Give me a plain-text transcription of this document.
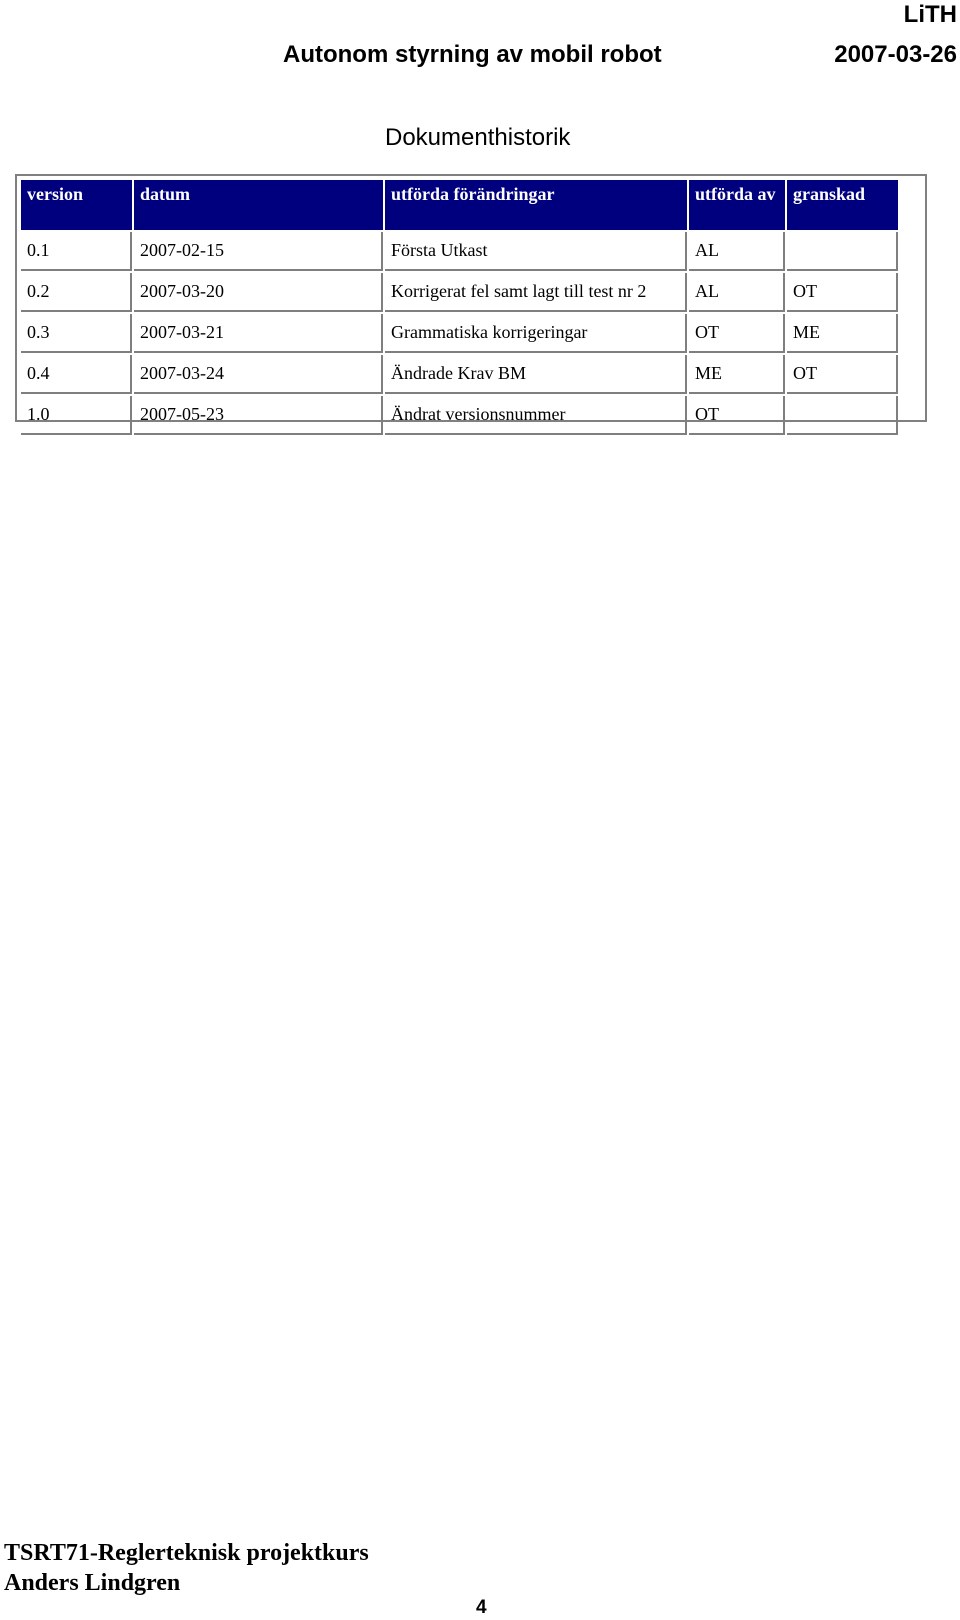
LiTH
Autonom styrning av mobil robot	2007-03-26
Dokumenthistorik
version	datum	utförda förändringar	utförda av	granskad
0.1	2007-02-15	Första Utkast	AL	
0.2	2007-03-20	Korrigerat fel samt lagt till test nr 2	AL	OT
0.3	2007-03-21	Grammatiska korrigeringar	OT	ME
0.4	2007-03-24	Ändrade Krav BM	ME	OT
1.0	2007-05-23	Ändrat versionsnummer	OT	
TSRT71-Reglerteknisk projektkurs
Anders Lindgren
4
